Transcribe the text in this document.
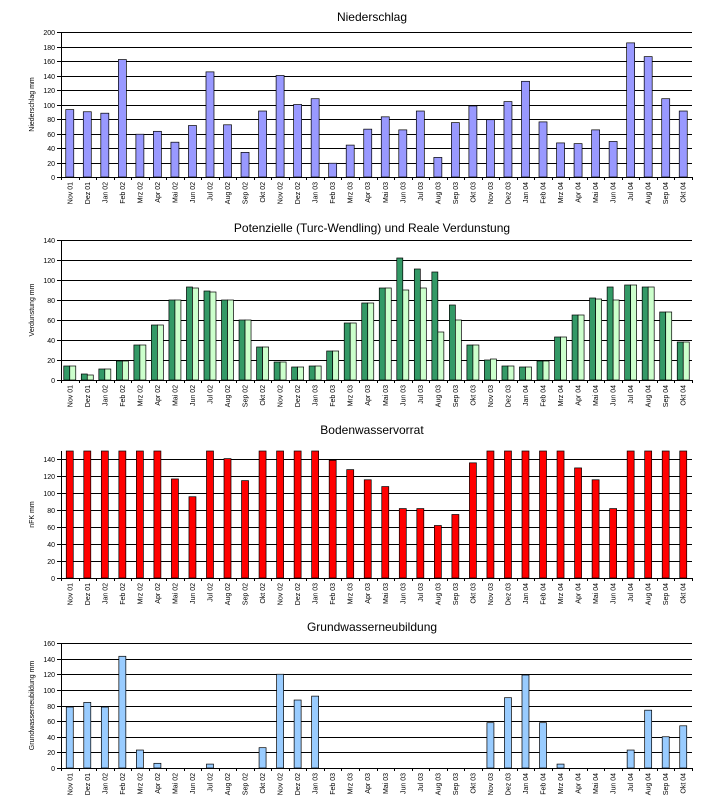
Niederschlag
Niederschlag mm
0
20
40
60
80
100
120
140
160
180
200
Nov 01 Dez 01 Jan 02 Feb 02 Mrz 02 Apr 02 Mai 02 Jun 02 Jul 02 Aug 02 Sep 02 Okt 02 Nov 02 Dez 02 Jan 03 Feb 03 Mrz 03 Apr 03 Mai 03 Jun 03 Jul 03 Aug 03 Sep 03 Okt 03 Nov 03 Dez 03 Jan 04 Feb 04 Mrz 04 Apr 04 Mai 04 Jun 04 Jul 04 Aug 04 Sep 04 Okt 04
Potenzielle (Turc-Wendling) und Reale Verdunstung
Verdunstung mm
0
20
40
60
80
100
120
140
Nov 01 Dez 01 Jan 02 Feb 02 Mrz 02 Apr 02 Mai 02 Jun 02 Jul 02 Aug 02 Sep 02 Okt 02 Nov 02 Dez 02 Jan 03 Feb 03 Mrz 03 Apr 03 Mai 03 Jun 03 Jul 03 Aug 03 Sep 03 Okt 03 Nov 03 Dez 03 Jan 04 Feb 04 Mrz 04 Apr 04 Mai 04 Jun 04 Jul 04 Aug 04 Sep 04 Okt 04
Bodenwasservorrat
nFK mm
0
20
40
60
80
100
120
140
Nov 01 Dez 01 Jan 02 Feb 02 Mrz 02 Apr 02 Mai 02 Jun 02 Jul 02 Aug 02 Sep 02 Okt 02 Nov 02 Dez 02 Jan 03 Feb 03 Mrz 03 Apr 03 Mai 03 Jun 03 Jul 03 Aug 03 Sep 03 Okt 03 Nov 03 Dez 03 Jan 04 Feb 04 Mrz 04 Apr 04 Mai 04 Jun 04 Jul 04 Aug 04 Sep 04 Okt 04
Grundwasserneubildung
Grundwasserneubildung mm
0
20
40
60
80
100
120
140
160
Nov 01 Dez 01 Jan 02 Feb 02 Mrz 02 Apr 02 Mai 02 Jun 02 Jul 02 Aug 02 Sep 02 Okt 02 Nov 02 Dez 02 Jan 03 Feb 03 Mrz 03 Apr 03 Mai 03 Jun 03 Jul 03 Aug 03 Sep 03 Okt 03 Nov 03 Dez 03 Jan 04 Feb 04 Mrz 04 Apr 04 Mai 04 Jun 04 Jul 04 Aug 04 Sep 04 Okt 04
